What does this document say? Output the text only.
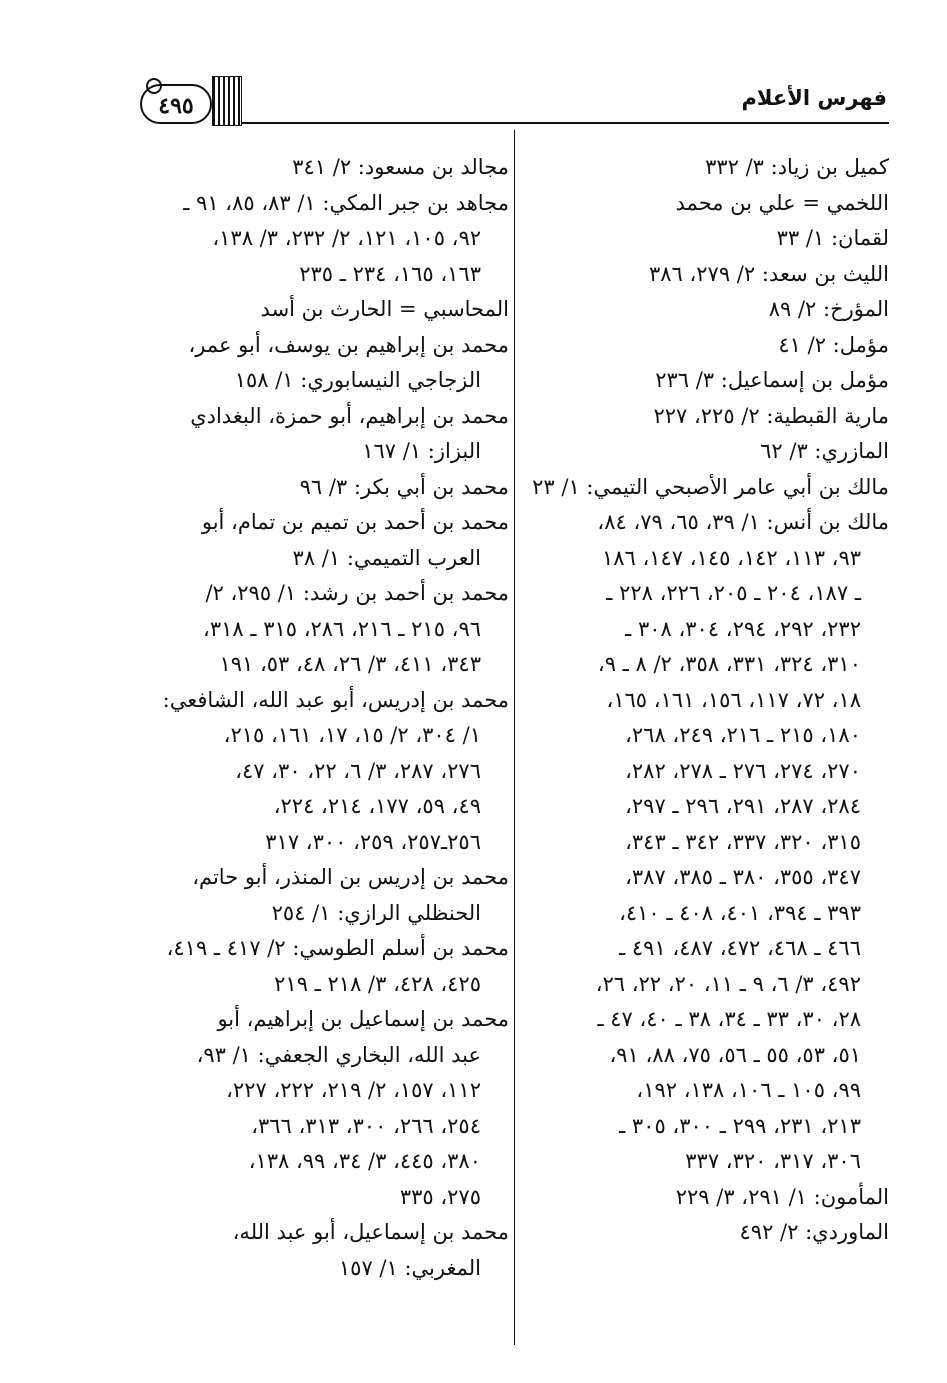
فهرس الأعلام
٤٩٥
كميل بن زياد: ٣/ ٣٣٢
اللخمي = علي بن محمد
لقمان: ١/ ٣٣
الليث بن سعد: ٢/ ٢٧٩، ٣٨٦
المؤرخ: ٢/ ٨٩
مؤمل: ٢/ ٤١
مؤمل بن إسماعيل: ٣/ ٢٣٦
مارية القبطية: ٢/ ٢٢٥، ٢٢٧
المازري: ٣/ ٦٢
مالك بن أبي عامر الأصبحي التيمي: ١/ ٢٣
مالك بن أنس: ١/ ٣٩، ٦٥، ٧٩، ٨٤،
٩٣، ١١٣، ١٤٢، ١٤٥، ١٤٧، ١٨٦
ـ ١٨٧، ٢٠٤ ـ ٢٠٥، ٢٢٦، ٢٢٨ ـ
٢٣٢، ٢٩٢، ٢٩٤، ٣٠٤، ٣٠٨ ـ
٣١٠، ٣٢٤، ٣٣١، ٣٥٨، ٢/ ٨ ـ ٩،
١٨، ٧٢، ١١٧، ١٥٦، ١٦١، ١٦٥،
١٨٠، ٢١٥ ـ ٢١٦، ٢٤٩، ٢٦٨،
٢٧٠، ٢٧٤، ٢٧٦ ـ ٢٧٨، ٢٨٢،
٢٨٤، ٢٨٧، ٢٩١، ٢٩٦ ـ ٢٩٧،
٣١٥، ٣٢٠، ٣٣٧، ٣٤٢ ـ ٣٤٣،
٣٤٧، ٣٥٥، ٣٨٠ ـ ٣٨٥، ٣٨٧،
٣٩٣ ـ ٣٩٤، ٤٠١، ٤٠٨ ـ ٤١٠،
٤٦٦ ـ ٤٦٨، ٤٧٢، ٤٨٧، ٤٩١ ـ
٤٩٢، ٣/ ٦، ٩ ـ ١١، ٢٠، ٢٢، ٢٦،
٢٨، ٣٠، ٣٣ ـ ٣٤، ٣٨ ـ ٤٠، ٤٧ ـ
٥١، ٥٣، ٥٥ ـ ٥٦، ٧٥، ٨٨، ٩١،
٩٩، ١٠٥ ـ ١٠٦، ١٣٨، ١٩٢،
٢١٣، ٢٣١، ٢٩٩ ـ ٣٠٠، ٣٠٥ ـ
٣٠٦، ٣١٧، ٣٢٠، ٣٣٧
المأمون: ١/ ٢٩١، ٣/ ٢٢٩
الماوردي: ٢/ ٤٩٢
مجالد بن مسعود: ٢/ ٣٤١
مجاهد بن جبر المكي: ١/ ٨٣، ٨٥، ٩١ ـ
٩٢، ١٠٥، ١٢١، ٢/ ٢٣٢، ٣/ ١٣٨،
١٦٣، ١٦٥، ٢٣٤ ـ ٢٣٥
المحاسبي = الحارث بن أسد
محمد بن إبراهيم بن يوسف، أبو عمر،
الزجاجي النيسابوري: ١/ ١٥٨
محمد بن إبراهيم، أبو حمزة، البغدادي
البزاز: ١/ ١٦٧
محمد بن أبي بكر: ٣/ ٩٦
محمد بن أحمد بن تميم بن تمام، أبو
العرب التميمي: ١/ ٣٨
محمد بن أحمد بن رشد: ١/ ٢٩٥، ٢/
٩٦، ٢١٥ ـ ٢١٦، ٢٨٦، ٣١٥ ـ ٣١٨،
٣٤٣، ٤١١، ٣/ ٢٦، ٤٨، ٥٣، ١٩١
محمد بن إدريس، أبو عبد الله، الشافعي:
١/ ٣٠٤، ٢/ ١٥، ١٧، ١٦١، ٢١٥،
٢٧٦، ٢٨٧، ٣/ ٦، ٢٢، ٣٠، ٤٧،
٤٩، ٥٩، ١٧٧، ٢١٤، ٢٢٤،
٢٥٦ـ٢٥٧، ٢٥٩، ٣٠٠، ٣١٧
محمد بن إدريس بن المنذر، أبو حاتم،
الحنظلي الرازي: ١/ ٢٥٤
محمد بن أسلم الطوسي: ٢/ ٤١٧ ـ ٤١٩،
٤٢٥، ٤٢٨، ٣/ ٢١٨ ـ ٢١٩
محمد بن إسماعيل بن إبراهيم، أبو
عبد الله، البخاري الجعفي: ١/ ٩٣،
١١٢، ١٥٧، ٢/ ٢١٩، ٢٢٢، ٢٢٧،
٢٥٤، ٢٦٦، ٣٠٠، ٣١٣، ٣٦٦،
٣٨٠، ٤٤٥، ٣/ ٣٤، ٩٩، ١٣٨،
٢٧٥، ٣٣٥
محمد بن إسماعيل، أبو عبد الله،
المغربي: ١/ ١٥٧
